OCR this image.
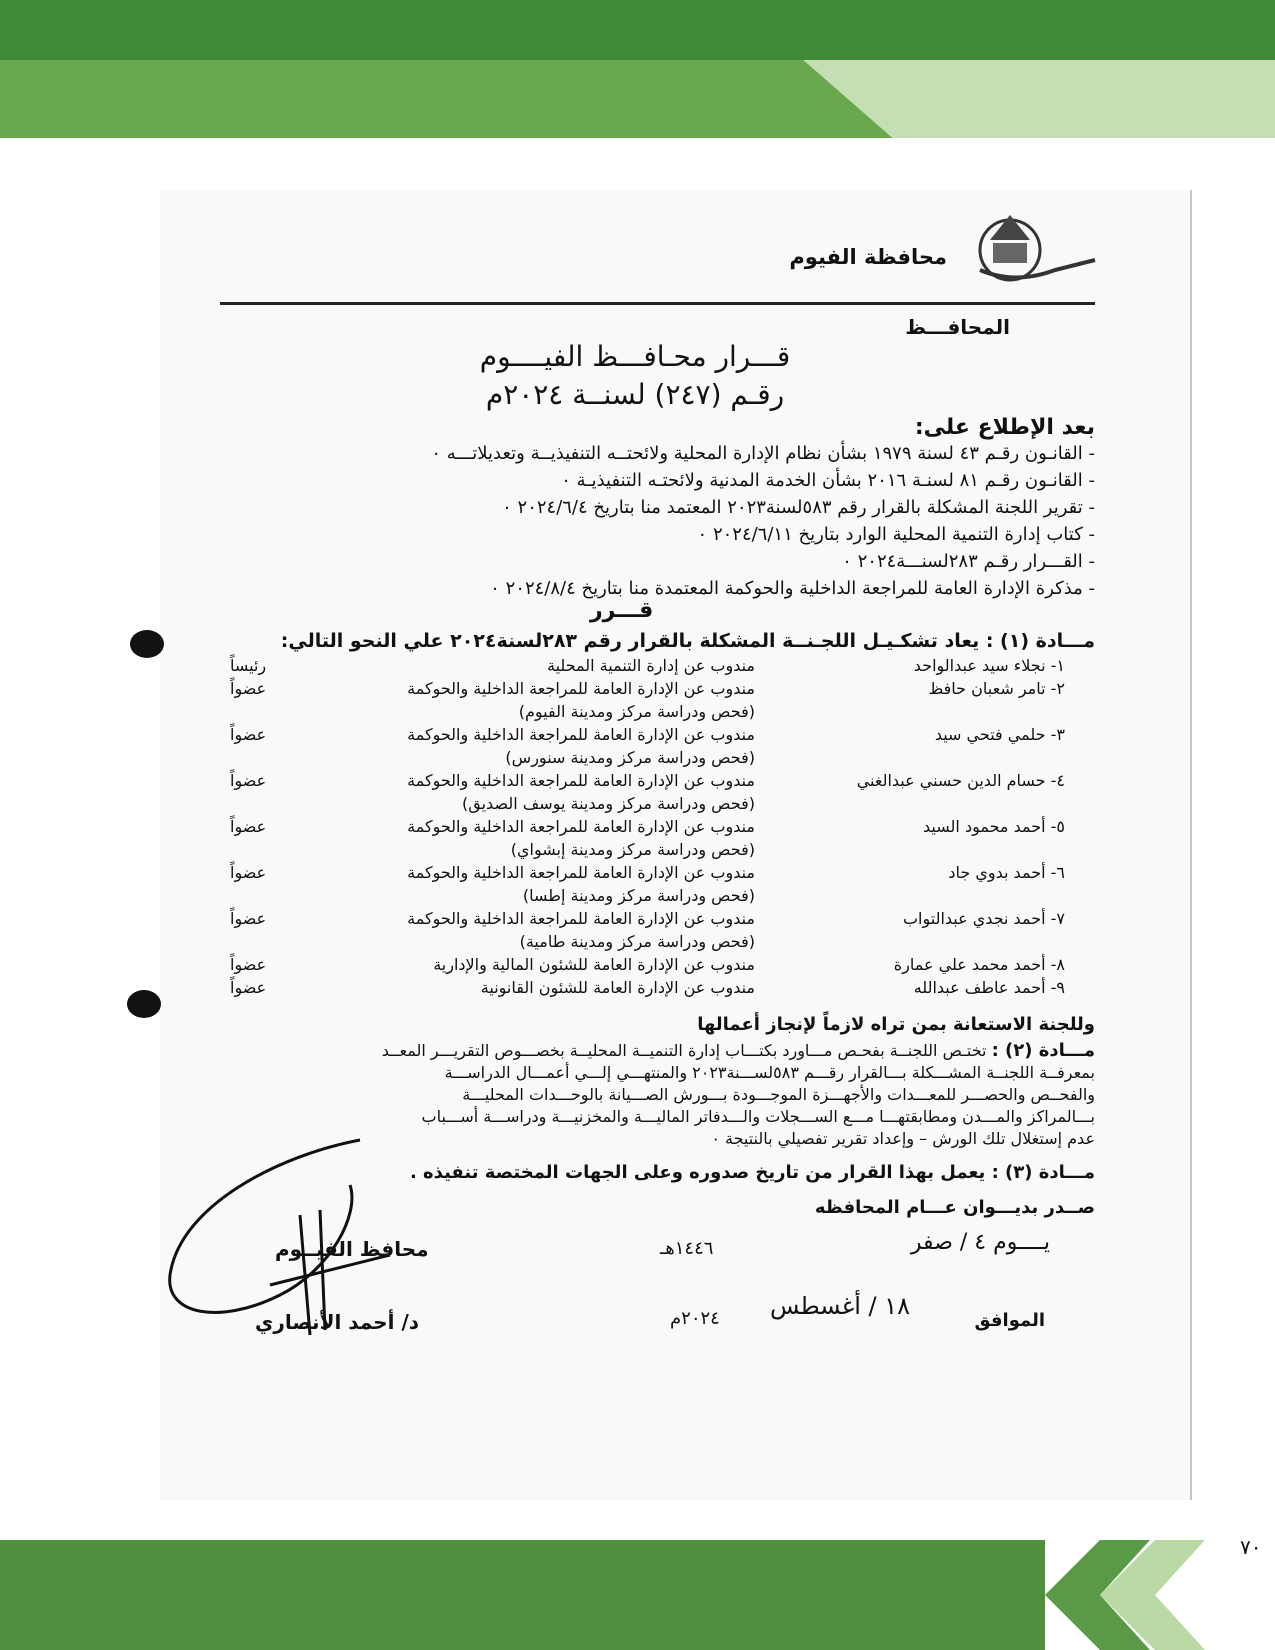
٧٠
محافظة الفيوم
المحافـــظ
قـــرار محـافـــظ الفيــــوم
رقـم (٢٤٧) لسنــة ٢٠٢٤م
بعد الإطلاع على:
- القانـون رقـم ٤٣ لسنة ١٩٧٩ بشأن نظام الإدارة المحلية ولائحتــه التنفيذيــة وتعديلاتـــه ٠
- القانـون رقـم ٨١ لسنـة ٢٠١٦ بشأن الخدمة المدنية ولائحتـه التنفيذيـة ٠
- تقرير اللجنة المشكلة بالقرار رقم ٥٨٣لسنة٢٠٢٣ المعتمد منا بتاريخ ٢٠٢٤/٦/٤ ٠
- كتاب إدارة التنمية المحلية الوارد بتاريخ ٢٠٢٤/٦/١١ ٠
- القـــرار رقـم ٢٨٣لسنـــة٢٠٢٤ ٠
- مذكرة الإدارة العامة للمراجعة الداخلية والحوكمة المعتمدة منا بتاريخ ٢٠٢٤/٨/٤ ٠
قـــرر
مـــادة (١) : يعاد تشكـيـل اللجـنــة المشكلة بالقرار رقم ٢٨٣لسنة٢٠٢٤ علي النحو التالي:
١- نجلاء سيد عبدالواحد
مندوب عن إدارة التنمية المحلية
رئيساً
٢- تامر شعبان حافظ
مندوب عن الإدارة العامة للمراجعة الداخلية والحوكمة
عضواً
(فحص ودراسة مركز ومدينة الفيوم)
٣- حلمي فتحي سيد
مندوب عن الإدارة العامة للمراجعة الداخلية والحوكمة
عضواً
(فحص ودراسة مركز ومدينة سنورس)
٤- حسام الدين حسني عبدالغني
مندوب عن الإدارة العامة للمراجعة الداخلية والحوكمة
عضواً
(فحص ودراسة مركز ومدينة يوسف الصديق)
٥- أحمد محمود السيد
مندوب عن الإدارة العامة للمراجعة الداخلية والحوكمة
عضواً
(فحص ودراسة مركز ومدينة إبشواي)
٦- أحمد بدوي جاد
مندوب عن الإدارة العامة للمراجعة الداخلية والحوكمة
عضواً
(فحص ودراسة مركز ومدينة إطسا)
٧- أحمد نجدي عبدالتواب
مندوب عن الإدارة العامة للمراجعة الداخلية والحوكمة
عضواً
(فحص ودراسة مركز ومدينة طامية)
٨- أحمد محمد علي عمارة
مندوب عن الإدارة العامة للشئون المالية والإدارية
عضواً
٩- أحمد عاطف عبدالله
مندوب عن الإدارة العامة للشئون القانونية
عضواً
وللجنة الاستعانة بمن تراه لازماً لإنجاز أعمالها
مـــادة (٢) : تختـص اللجنــة بفحـص مـــاورد بكتـــاب إدارة التنميــة المحليــة بخصـــوص التقريـــر المعــد
بمعرفــة اللجنــة المشـــكلة بـــالقرار رقـــم ٥٨٣لســـنة٢٠٢٣ والمنتهـــي إلـــي أعمـــال الدراســـة
والفحــص والحصـــر للمعـــدات والأجهـــزة الموجـــودة بـــورش الصـــيانة بالوحـــدات المحليـــة
بـــالمراكز والمـــدن ومطابقتهـــا مـــع الســـجلات والـــدفاتر الماليـــة والمخزنيـــة ودراســـة أســـباب
عدم إستغلال تلك الورش – وإعداد تقرير تفصيلي بالنتيجة ٠
مـــادة (٣) : يعمل بهذا القرار من تاريخ صدوره وعلى الجهات المختصة تنفيذه .
صــدر بديـــوان عـــام المحافظه
يــــوم ٤ / صفر
١٤٤٦هـ
الموافق
١٨ / أغسطس
٢٠٢٤م
محافظ الفيــوم
د/ أحمد الأنصاري
